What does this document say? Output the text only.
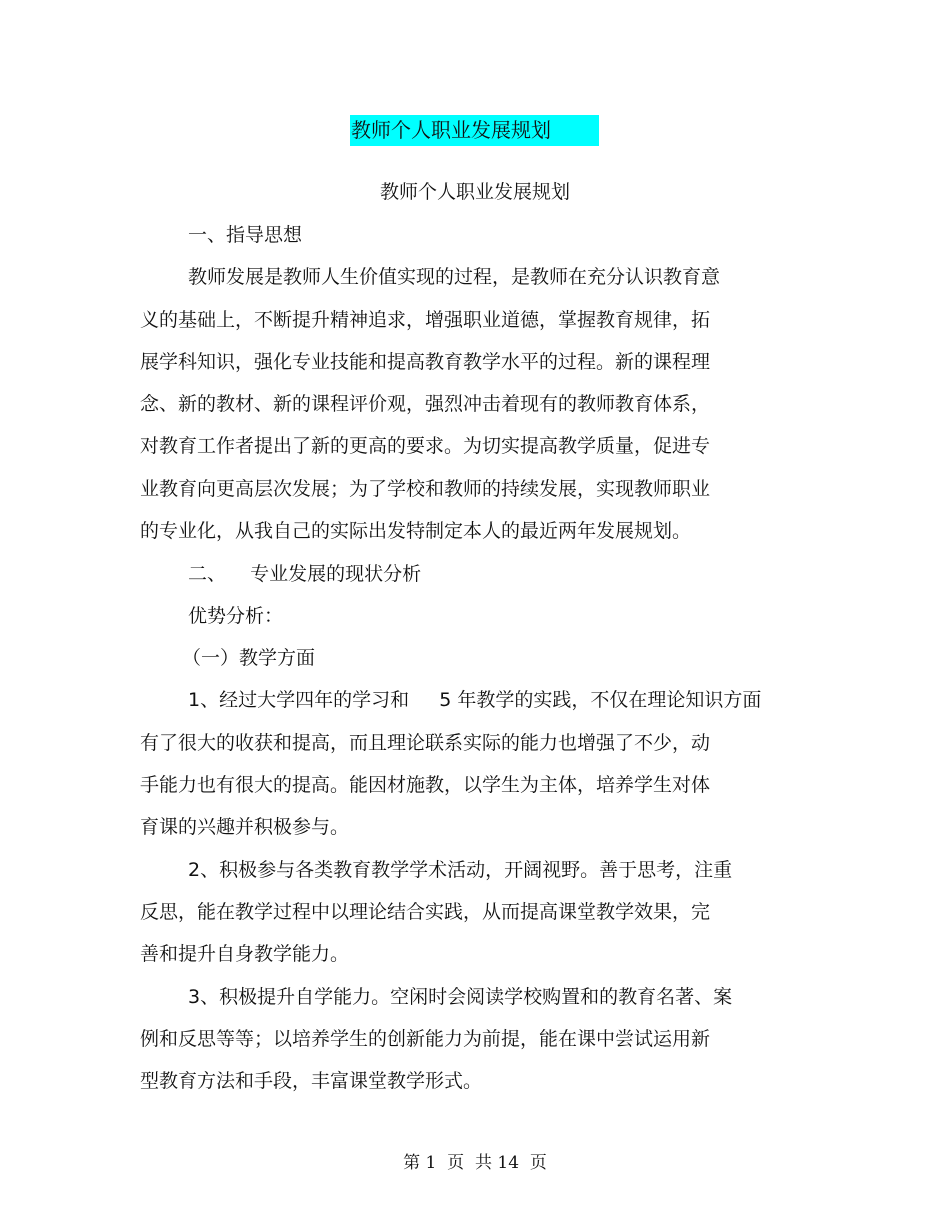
教师个人职业发展规划
教师个人职业发展规划
一、指导思想
教师发展是教师人生价值实现的过程，是教师在充分认识教育意
义的基础上，不断提升精神追求，增强职业道德，掌握教育规律，拓
展学科知识，强化专业技能和提高教育教学水平的过程。新的课程理
念、新的教材、新的课程评价观，强烈冲击着现有的教师教育体系，
对教育工作者提出了新的更高的要求。为切实提高教学质量，促进专
业教育向更高层次发展；为了学校和教师的持续发展，实现教师职业
的专业化，从我自己的实际出发特制定本人的最近两年发展规划。
二、    专业发展的现状分析
优势分析：
（一）教学方面
1、经过大学四年的学习和     5 年教学的实践，不仅在理论知识方面
有了很大的收获和提高，而且理论联系实际的能力也增强了不少，动
手能力也有很大的提高。能因材施教，以学生为主体，培养学生对体
育课的兴趣并积极参与。
2、积极参与各类教育教学学术活动，开阔视野。善于思考，注重
反思，能在教学过程中以理论结合实践，从而提高课堂教学效果，完
善和提升自身教学能力。
3、积极提升自学能力。空闲时会阅读学校购置和的教育名著、案
例和反思等等；以培养学生的创新能力为前提，能在课中尝试运用新
型教育方法和手段，丰富课堂教学形式。
第 1  页  共 14  页
